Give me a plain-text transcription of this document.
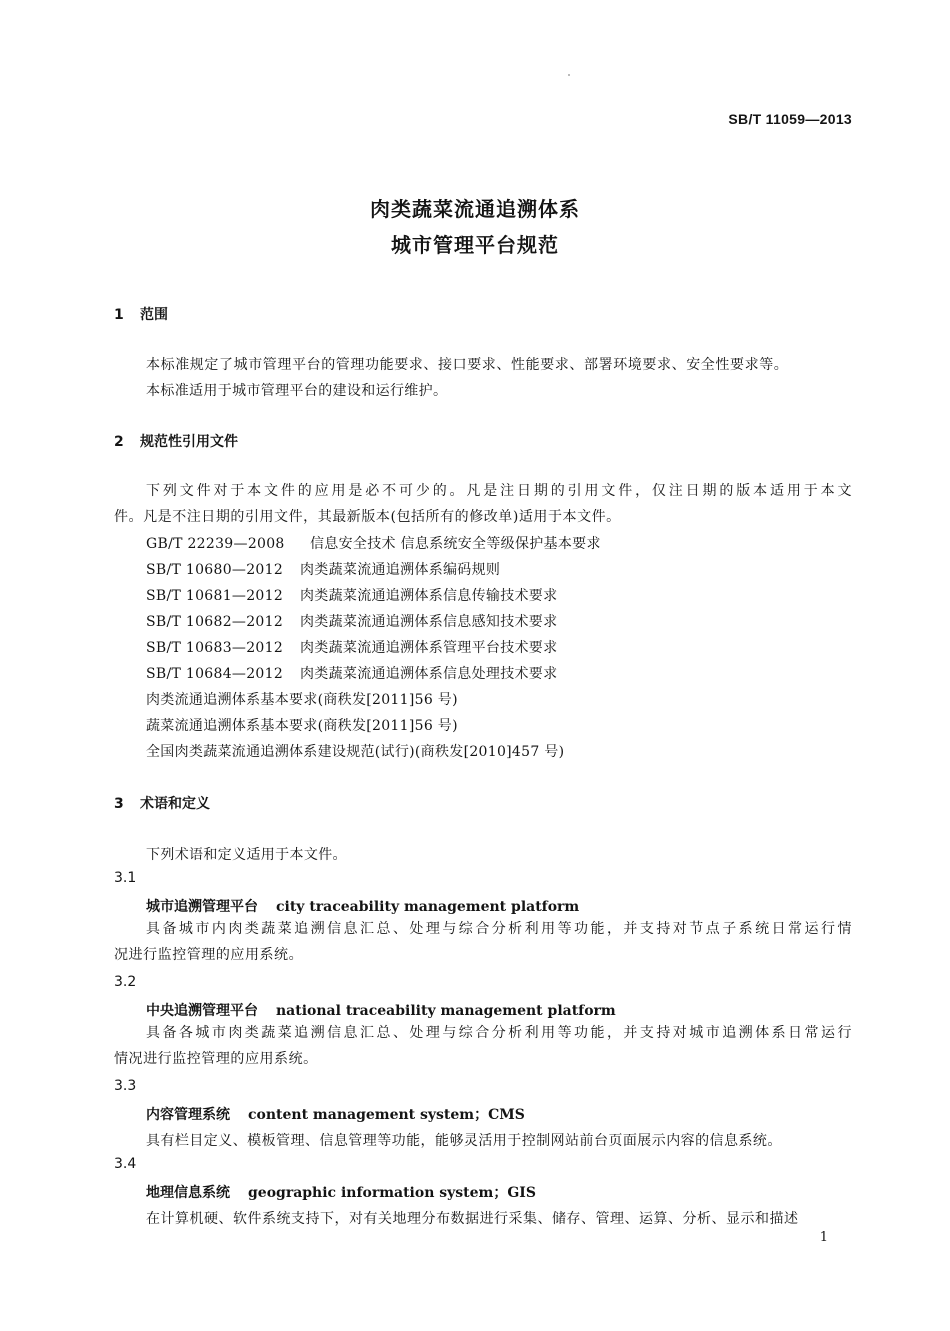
SB/T 11059—2013
肉类蔬菜流通追溯体系
城市管理平台规范
1 范围
本标准规定了城市管理平台的管理功能要求、接口要求、性能要求、部署环境要求、安全性要求等。
本标准适用于城市管理平台的建设和运行维护。
2 规范性引用文件
下列文件对于本文件的应用是必不可少的。凡是注日期的引用文件，仅注日期的版本适用于本文
件。凡是不注日期的引用文件，其最新版本(包括所有的修改单)适用于本文件。
GB/T 22239—2008 信息安全技术 信息系统安全等级保护基本要求
SB/T 10680—2012 肉类蔬菜流通追溯体系编码规则
SB/T 10681—2012 肉类蔬菜流通追溯体系信息传输技术要求
SB/T 10682—2012 肉类蔬菜流通追溯体系信息感知技术要求
SB/T 10683—2012 肉类蔬菜流通追溯体系管理平台技术要求
SB/T 10684—2012 肉类蔬菜流通追溯体系信息处理技术要求
肉类流通追溯体系基本要求(商秩发[2011]56 号)
蔬菜流通追溯体系基本要求(商秩发[2011]56 号)
全国肉类蔬菜流通追溯体系建设规范(试行)(商秩发[2010]457 号)
3 术语和定义
下列术语和定义适用于本文件。
3.1
城市追溯管理平台 city traceability management platform
具备城市内肉类蔬菜追溯信息汇总、处理与综合分析利用等功能，并支持对节点子系统日常运行情
况进行监控管理的应用系统。
3.2
中央追溯管理平台 national traceability management platform
具备各城市肉类蔬菜追溯信息汇总、处理与综合分析利用等功能，并支持对城市追溯体系日常运行
情况进行监控管理的应用系统。
3.3
内容管理系统 content management system；CMS
具有栏目定义、模板管理、信息管理等功能，能够灵活用于控制网站前台页面展示内容的信息系统。
3.4
地理信息系统 geographic information system；GIS
在计算机硬、软件系统支持下，对有关地理分布数据进行采集、储存、管理、运算、分析、显示和描述
1
